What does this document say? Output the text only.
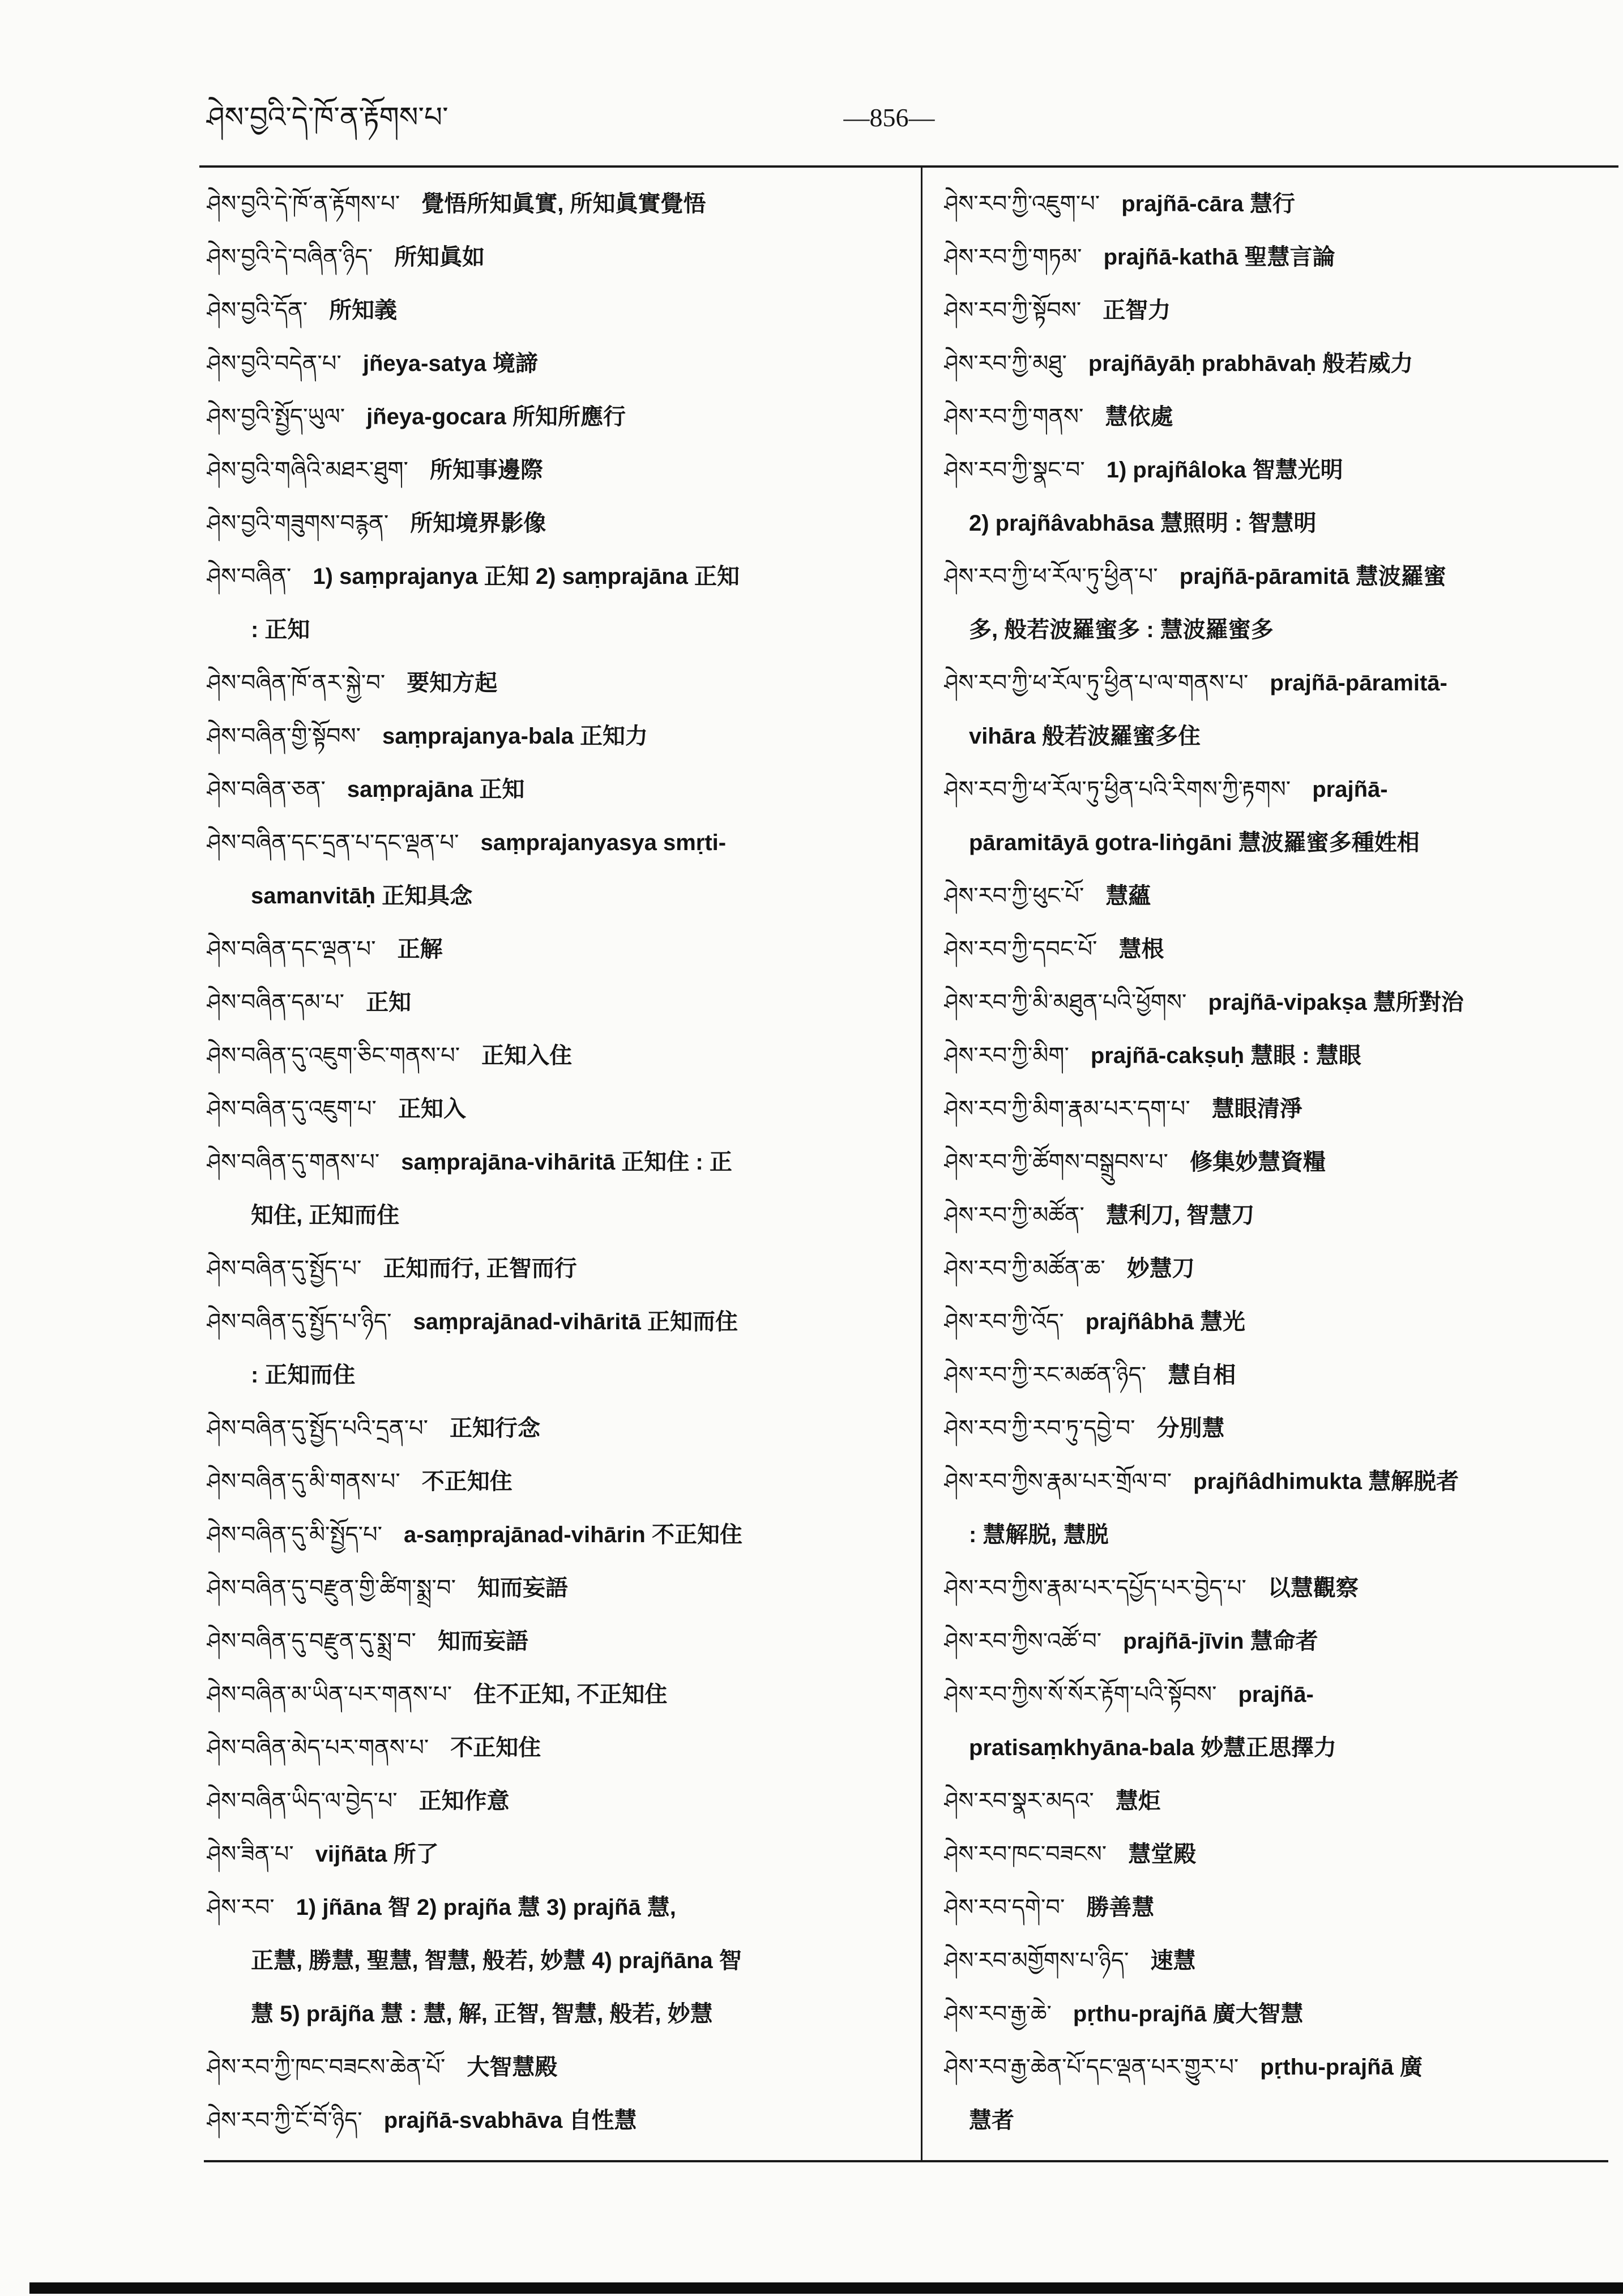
ཤེས་བྱའི་དེ་ཁོ་ན་རྟོགས་པ་	—856—
ཤེས་བྱའི་དེ་ཁོ་ན་རྟོགས་པ་ 覺悟所知眞實, 所知眞實覺悟
ཤེས་བྱའི་དེ་བཞིན་ཉིད་ 所知眞如
ཤེས་བྱའི་དོན་ 所知義
ཤེས་བྱའི་བདེན་པ་ jñeya-satya 境諦
ཤེས་བྱའི་སྤྱོད་ཡུལ་ jñeya-gocara 所知所應行
ཤེས་བྱའི་གཞིའི་མཐར་ཐུག་ 所知事邊際
ཤེས་བྱའི་གཟུགས་བརྙན་ 所知境界影像
ཤེས་བཞིན་ 1) saṃprajanya 正知 2) saṃprajāna 正知
: 正知
ཤེས་བཞིན་ཁོ་ནར་སྐྱེ་བ་ 要知方起
ཤེས་བཞིན་གྱི་སྟོབས་ saṃprajanya-bala 正知力
ཤེས་བཞིན་ཅན་ saṃprajāna 正知
ཤེས་བཞིན་དང་དྲན་པ་དང་ལྡན་པ་ saṃprajanyasya smṛti-
samanvitāḥ 正知具念
ཤེས་བཞིན་དང་ལྡན་པ་ 正解
ཤེས་བཞིན་དམ་པ་ 正知
ཤེས་བཞིན་དུ་འཇུག་ཅིང་གནས་པ་ 正知入住
ཤེས་བཞིན་དུ་འཇུག་པ་ 正知入
ཤེས་བཞིན་དུ་གནས་པ་ saṃprajāna-vihāritā 正知住 : 正
知住, 正知而住
ཤེས་བཞིན་དུ་སྤྱོད་པ་ 正知而行, 正智而行
ཤེས་བཞིན་དུ་སྤྱོད་པ་ཉིད་ saṃprajānad-vihāritā 正知而住
: 正知而住
ཤེས་བཞིན་དུ་སྤྱོད་པའི་དྲན་པ་ 正知行念
ཤེས་བཞིན་དུ་མི་གནས་པ་ 不正知住
ཤེས་བཞིན་དུ་མི་སྤྱོད་པ་ a-saṃprajānad-vihārin 不正知住
ཤེས་བཞིན་དུ་བརྫུན་གྱི་ཚིག་སྨྲ་བ་ 知而妄語
ཤེས་བཞིན་དུ་བརྫུན་དུ་སྨྲ་བ་ 知而妄語
ཤེས་བཞིན་མ་ཡིན་པར་གནས་པ་ 住不正知, 不正知住
ཤེས་བཞིན་མེད་པར་གནས་པ་ 不正知住
ཤེས་བཞིན་ཡིད་ལ་བྱེད་པ་ 正知作意
ཤེས་ཟིན་པ་ vijñāta 所了
ཤེས་རབ་ 1) jñāna 智 2) prajña 慧 3) prajñā 慧,
正慧, 勝慧, 聖慧, 智慧, 般若, 妙慧 4) prajñāna 智
慧 5) prājña 慧 : 慧, 解, 正智, 智慧, 般若, 妙慧
ཤེས་རབ་ཀྱི་ཁང་བཟངས་ཆེན་པོ་ 大智慧殿
ཤེས་རབ་ཀྱི་ངོ་བོ་ཉིད་ prajñā-svabhāva 自性慧
ཤེས་རབ་ཀྱི་འཇུག་པ་ prajñā-cāra 慧行
ཤེས་རབ་ཀྱི་གཏམ་ prajñā-kathā 聖慧言論
ཤེས་རབ་ཀྱི་སྟོབས་ 正智力
ཤེས་རབ་ཀྱི་མཐུ་ prajñāyāḥ prabhāvaḥ 般若威力
ཤེས་རབ་ཀྱི་གནས་ 慧依處
ཤེས་རབ་ཀྱི་སྣང་བ་ 1) prajñâloka 智慧光明
2) prajñâvabhāsa 慧照明 : 智慧明
ཤེས་རབ་ཀྱི་ཕ་རོལ་ཏུ་ཕྱིན་པ་ prajñā-pāramitā 慧波羅蜜
多, 般若波羅蜜多 : 慧波羅蜜多
ཤེས་རབ་ཀྱི་ཕ་རོལ་ཏུ་ཕྱིན་པ་ལ་གནས་པ་ prajñā-pāramitā-
vihāra 般若波羅蜜多住
ཤེས་རབ་ཀྱི་ཕ་རོལ་ཏུ་ཕྱིན་པའི་རིགས་ཀྱི་རྟགས་ prajñā-
pāramitāyā gotra-liṅgāni 慧波羅蜜多種姓相
ཤེས་རབ་ཀྱི་ཕུང་པོ་ 慧蘊
ཤེས་རབ་ཀྱི་དབང་པོ་ 慧根
ཤེས་རབ་ཀྱི་མི་མཐུན་པའི་ཕྱོགས་ prajñā-vipakṣa 慧所對治
ཤེས་རབ་ཀྱི་མིག་ prajñā-cakṣuḥ 慧眼 : 慧眼
ཤེས་རབ་ཀྱི་མིག་རྣམ་པར་དག་པ་ 慧眼清淨
ཤེས་རབ་ཀྱི་ཚོགས་བསྒྲུབས་པ་ 修集妙慧資糧
ཤེས་རབ་ཀྱི་མཚོན་ 慧利刀, 智慧刀
ཤེས་རབ་ཀྱི་མཚོན་ཆ་ 妙慧刀
ཤེས་རབ་ཀྱི་འོད་ prajñâbhā 慧光
ཤེས་རབ་ཀྱི་རང་མཚན་ཉིད་ 慧自相
ཤེས་རབ་ཀྱི་རབ་ཏུ་དབྱེ་བ་ 分別慧
ཤེས་རབ་ཀྱིས་རྣམ་པར་གྲོལ་བ་ prajñâdhimukta 慧解脱者
: 慧解脱, 慧脱
ཤེས་རབ་ཀྱིས་རྣམ་པར་དཔྱོད་པར་བྱེད་པ་ 以慧觀察
ཤེས་རབ་ཀྱིས་འཚོ་བ་ prajñā-jīvin 慧命者
ཤེས་རབ་ཀྱིས་སོ་སོར་རྟོག་པའི་སྟོབས་ prajñā-
pratisaṃkhyāna-bala 妙慧正思擇力
ཤེས་རབ་སྣར་མདའ་ 慧炬
ཤེས་རབ་ཁང་བཟངས་ 慧堂殿
ཤེས་རབ་དགེ་བ་ 勝善慧
ཤེས་རབ་མགྱོགས་པ་ཉིད་ 速慧
ཤེས་རབ་རྒྱ་ཆེ་ pṛthu-prajñā 廣大智慧
ཤེས་རབ་རྒྱ་ཆེན་པོ་དང་ལྡན་པར་གྱུར་པ་ pṛthu-prajñā 廣
慧者
